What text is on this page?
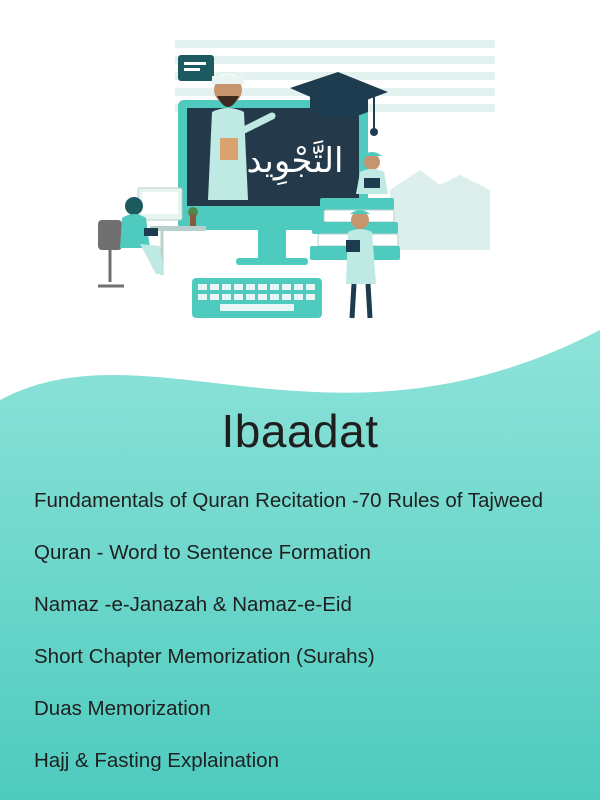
التَّجْوِيد
Ibaadat
Fundamentals of Quran Recitation -70 Rules of Tajweed
Quran - Word to Sentence Formation
Namaz -e-Janazah & Namaz-e-Eid
Short Chapter Memorization (Surahs)
Duas Memorization
Hajj & Fasting Explaination
